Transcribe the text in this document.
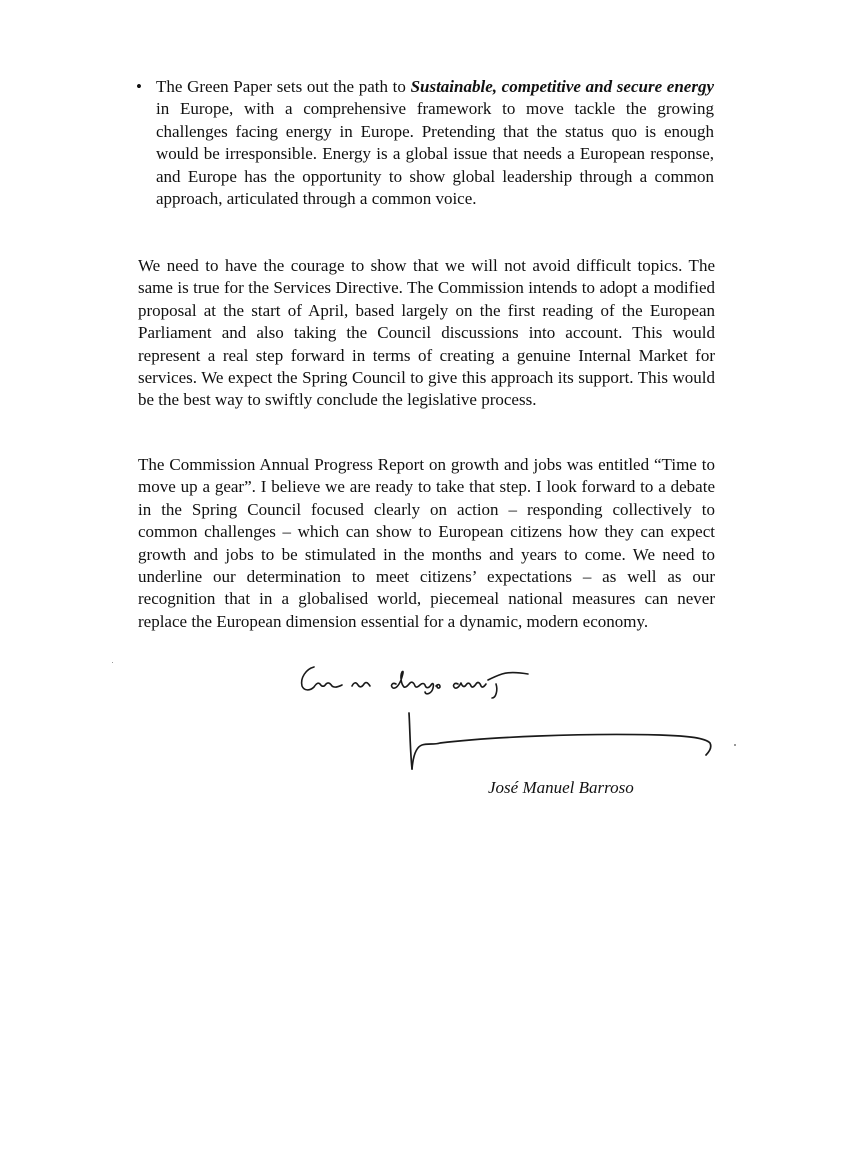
• The Green Paper sets out the path to Sustainable, competitive and secure energy in Europe, with a comprehensive framework to move tackle the growing challenges facing energy in Europe. Pretending that the status quo is enough would be irresponsible. Energy is a global issue that needs a European response, and Europe has the opportunity to show global leadership through a common approach, articulated through a common voice.

We need to have the courage to show that we will not avoid difficult topics. The same is true for the Services Directive. The Commission intends to adopt a modified proposal at the start of April, based largely on the first reading of the European Parliament and also taking the Council discussions into account. This would represent a real step forward in terms of creating a genuine Internal Market for services. We expect the Spring Council to give this approach its support. This would be the best way to swiftly conclude the legislative process.

The Commission Annual Progress Report on growth and jobs was entitled “Time to move up a gear”. I believe we are ready to take that step. I look forward to a debate in the Spring Council focused clearly on action – responding collectively to common challenges – which can show to European citizens how they can expect growth and jobs to be stimulated in the months and years to come. We need to underline our determination to meet citizens’ expectations – as well as our recognition that in a globalised world, piecemeal national measures can never replace the European dimension essential for a dynamic, modern economy.

José Manuel Barroso
